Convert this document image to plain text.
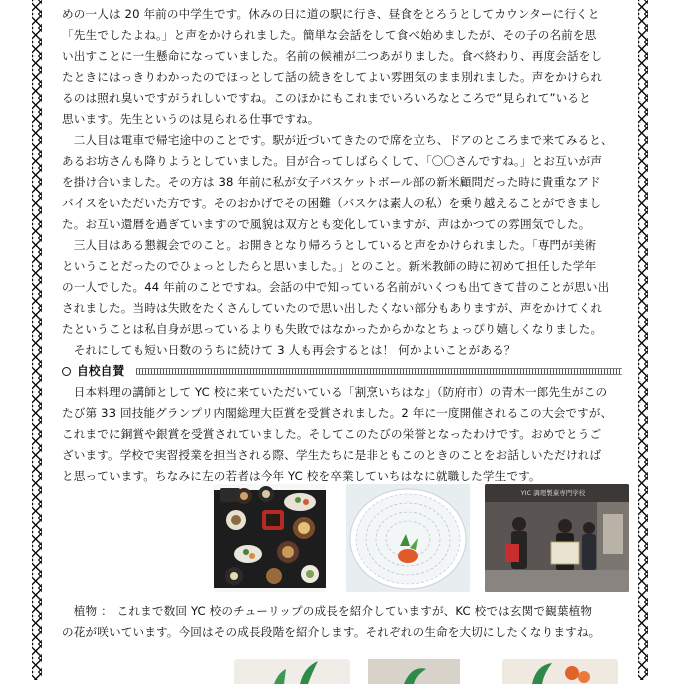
めの一人は 20 年前の中学生です。休みの日に道の駅に行き、昼食をとろうとしてカウンターに行くと
「先生でしたよね。」と声をかけられました。簡単な会話をして食べ始めましたが、その子の名前を思
い出すことに一生懸命になっていました。名前の候補が二つあがりました。食べ終わり、再度会話をし
たときにはっきりわかったのでほっとして話の続きをしてよい雰囲気のまま別れました。声をかけられ
るのは照れ臭いですがうれしいですね。このほかにもこれまでいろいろなところで“見られて”いると
思います。先生というのは見られる仕事ですね。
　二人目は電車で帰宅途中のことです。駅が近づいてきたので席を立ち、ドアのところまで来てみると、
あるお坊さんも降りようとしていました。目が合ってしばらくして、「〇〇さんですね。」とお互いが声
を掛け合いました。その方は 38 年前に私が女子バスケットボール部の新米顧問だった時に貴重なアド
バイスをいただいた方です。そのおかげでその困難（バスケは素人の私）を乗り越えることができまし
た。お互い還暦を過ぎていますので風貌は双方とも変化していますが、声はかつての雰囲気でした。
　三人目はある懇親会でのこと。お開きとなり帰ろうとしていると声をかけられました。「専門が美術
ということだったのでひょっとしたらと思いました。」とのこと。新米教師の時に初めて担任した学年
の一人でした。44 年前のことですね。会話の中で知っている名前がいくつも出てきて昔のことが思い出
されました。当時は失敗をたくさんしていたので思い出したくない部分もありますが、声をかけてくれ
たということは私自身が思っているよりも失敗ではなかったからかなとちょっぴり嬉しくなりました。
　それにしても短い日数のうちに続けて 3 人も再会するとは！ 何かよいことがある？
自校自賛
　日本料理の講師として YC 校に来ていただいている「割烹いちはな」（防府市）の青木一郎先生がこの
たび第 33 回技能グランプリ内閣総理大臣賞を受賞されました。2 年に一度開催されるこの大会ですが、
これまでに銅賞や銀賞を受賞されていました。そしてこのたびの栄誉となったわけです。おめでとうご
ざいます。学校で実習授業を担当される際、学生たちに是非ともこのときのことをお話しいただければ
と思っています。ちなみに左の若者は今年 YC 校を卒業していちはなに就職した学生です。
YIC 調理製菓専門学校
　植物 ： これまで数回 YC 校のチューリップの成長を紹介していますが、KC 校では玄関で観葉植物
の花が咲いています。今回はその成長段階を紹介します。それぞれの生命を大切にしたくなりますね。
